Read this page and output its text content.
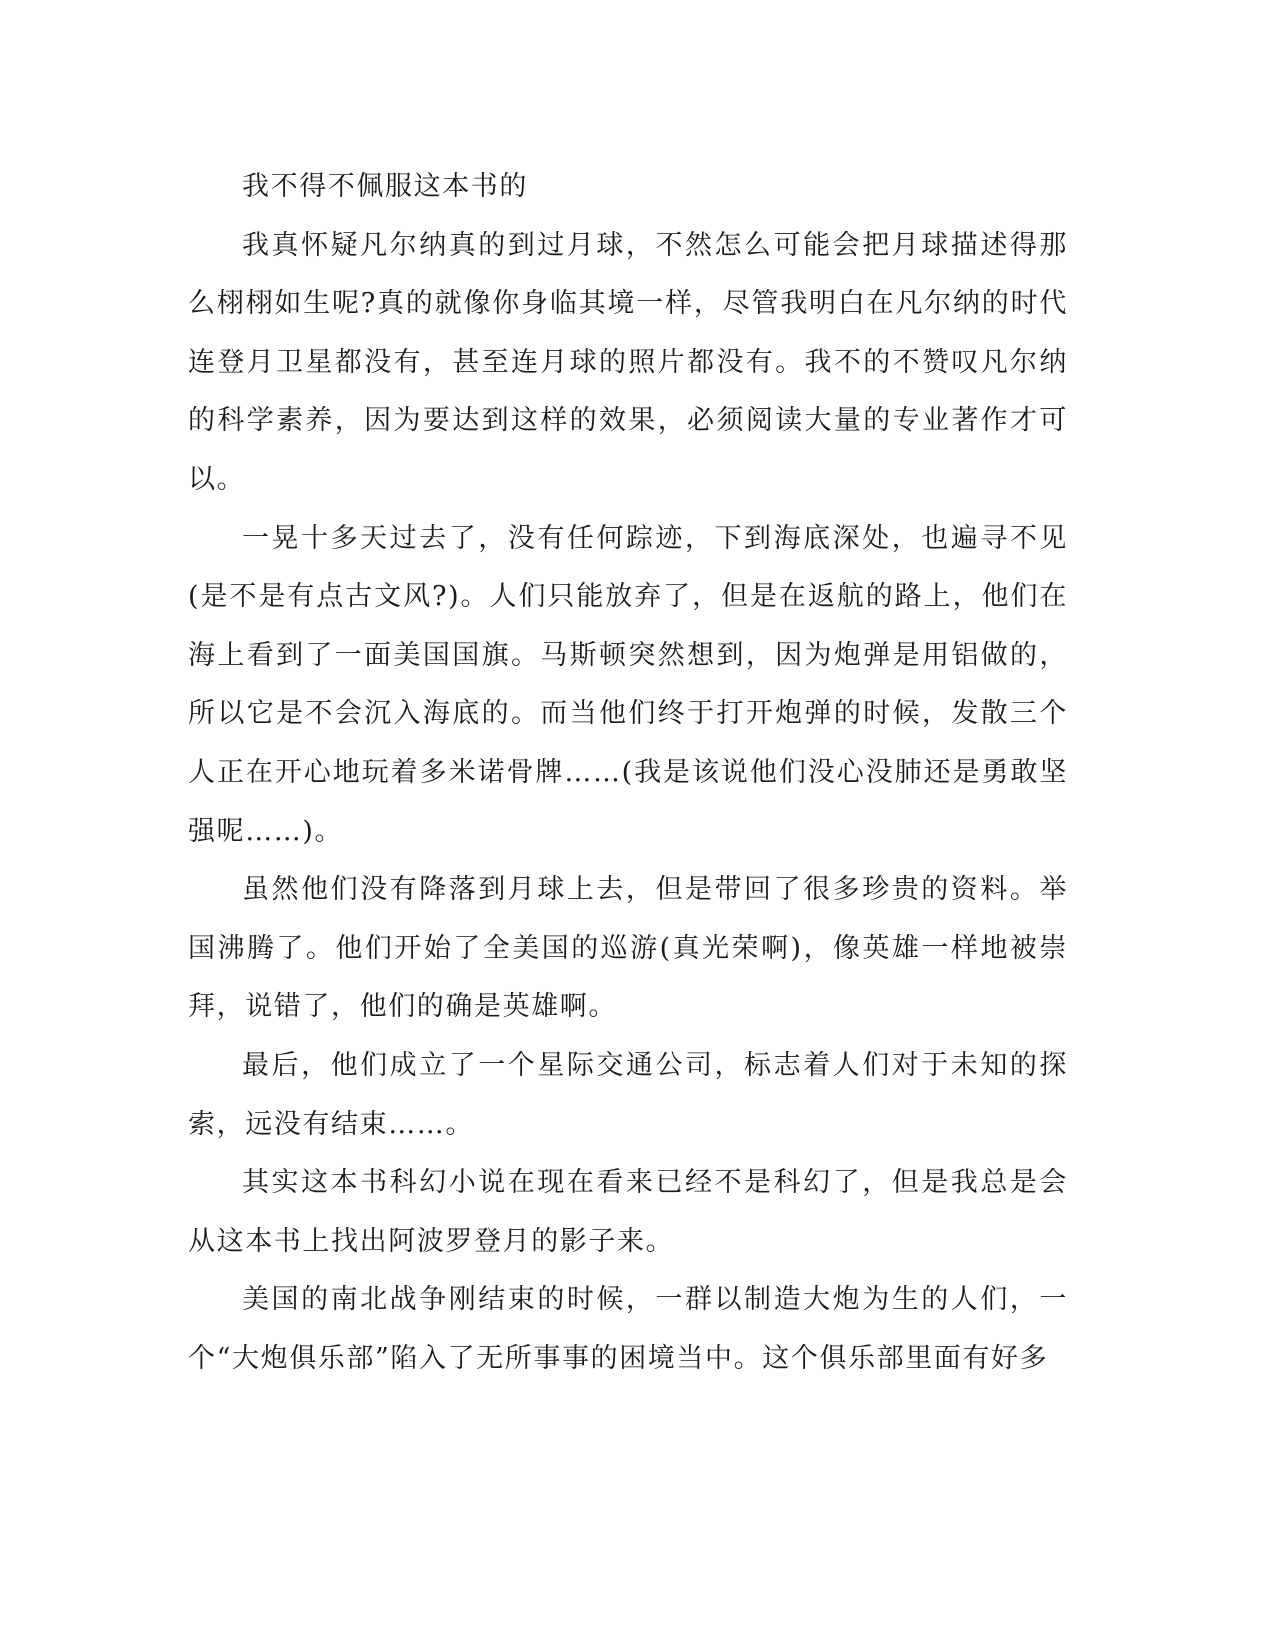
我不得不佩服这本书的

我真怀疑凡尔纳真的到过月球，不然怎么可能会把月球描述得那么栩栩如生呢?真的就像你身临其境一样，尽管我明白在凡尔纳的时代连登月卫星都没有，甚至连月球的照片都没有。我不的不赞叹凡尔纳的科学素养，因为要达到这样的效果，必须阅读大量的专业著作才可以。

一晃十多天过去了，没有任何踪迹，下到海底深处，也遍寻不见(是不是有点古文风?)。人们只能放弃了，但是在返航的路上，他们在海上看到了一面美国国旗。马斯顿突然想到，因为炮弹是用铝做的，所以它是不会沉入海底的。而当他们终于打开炮弹的时候，发散三个人正在开心地玩着多米诺骨牌……(我是该说他们没心没肺还是勇敢坚强呢……)。

虽然他们没有降落到月球上去，但是带回了很多珍贵的资料。举国沸腾了。他们开始了全美国的巡游(真光荣啊)，像英雄一样地被崇拜，说错了，他们的确是英雄啊。

最后，他们成立了一个星际交通公司，标志着人们对于未知的探索，远没有结束……。

其实这本书科幻小说在现在看来已经不是科幻了，但是我总是会从这本书上找出阿波罗登月的影子来。

美国的南北战争刚结束的时候，一群以制造大炮为生的人们，一个“大炮俱乐部”陷入了无所事事的困境当中。这个俱乐部里面有好多
